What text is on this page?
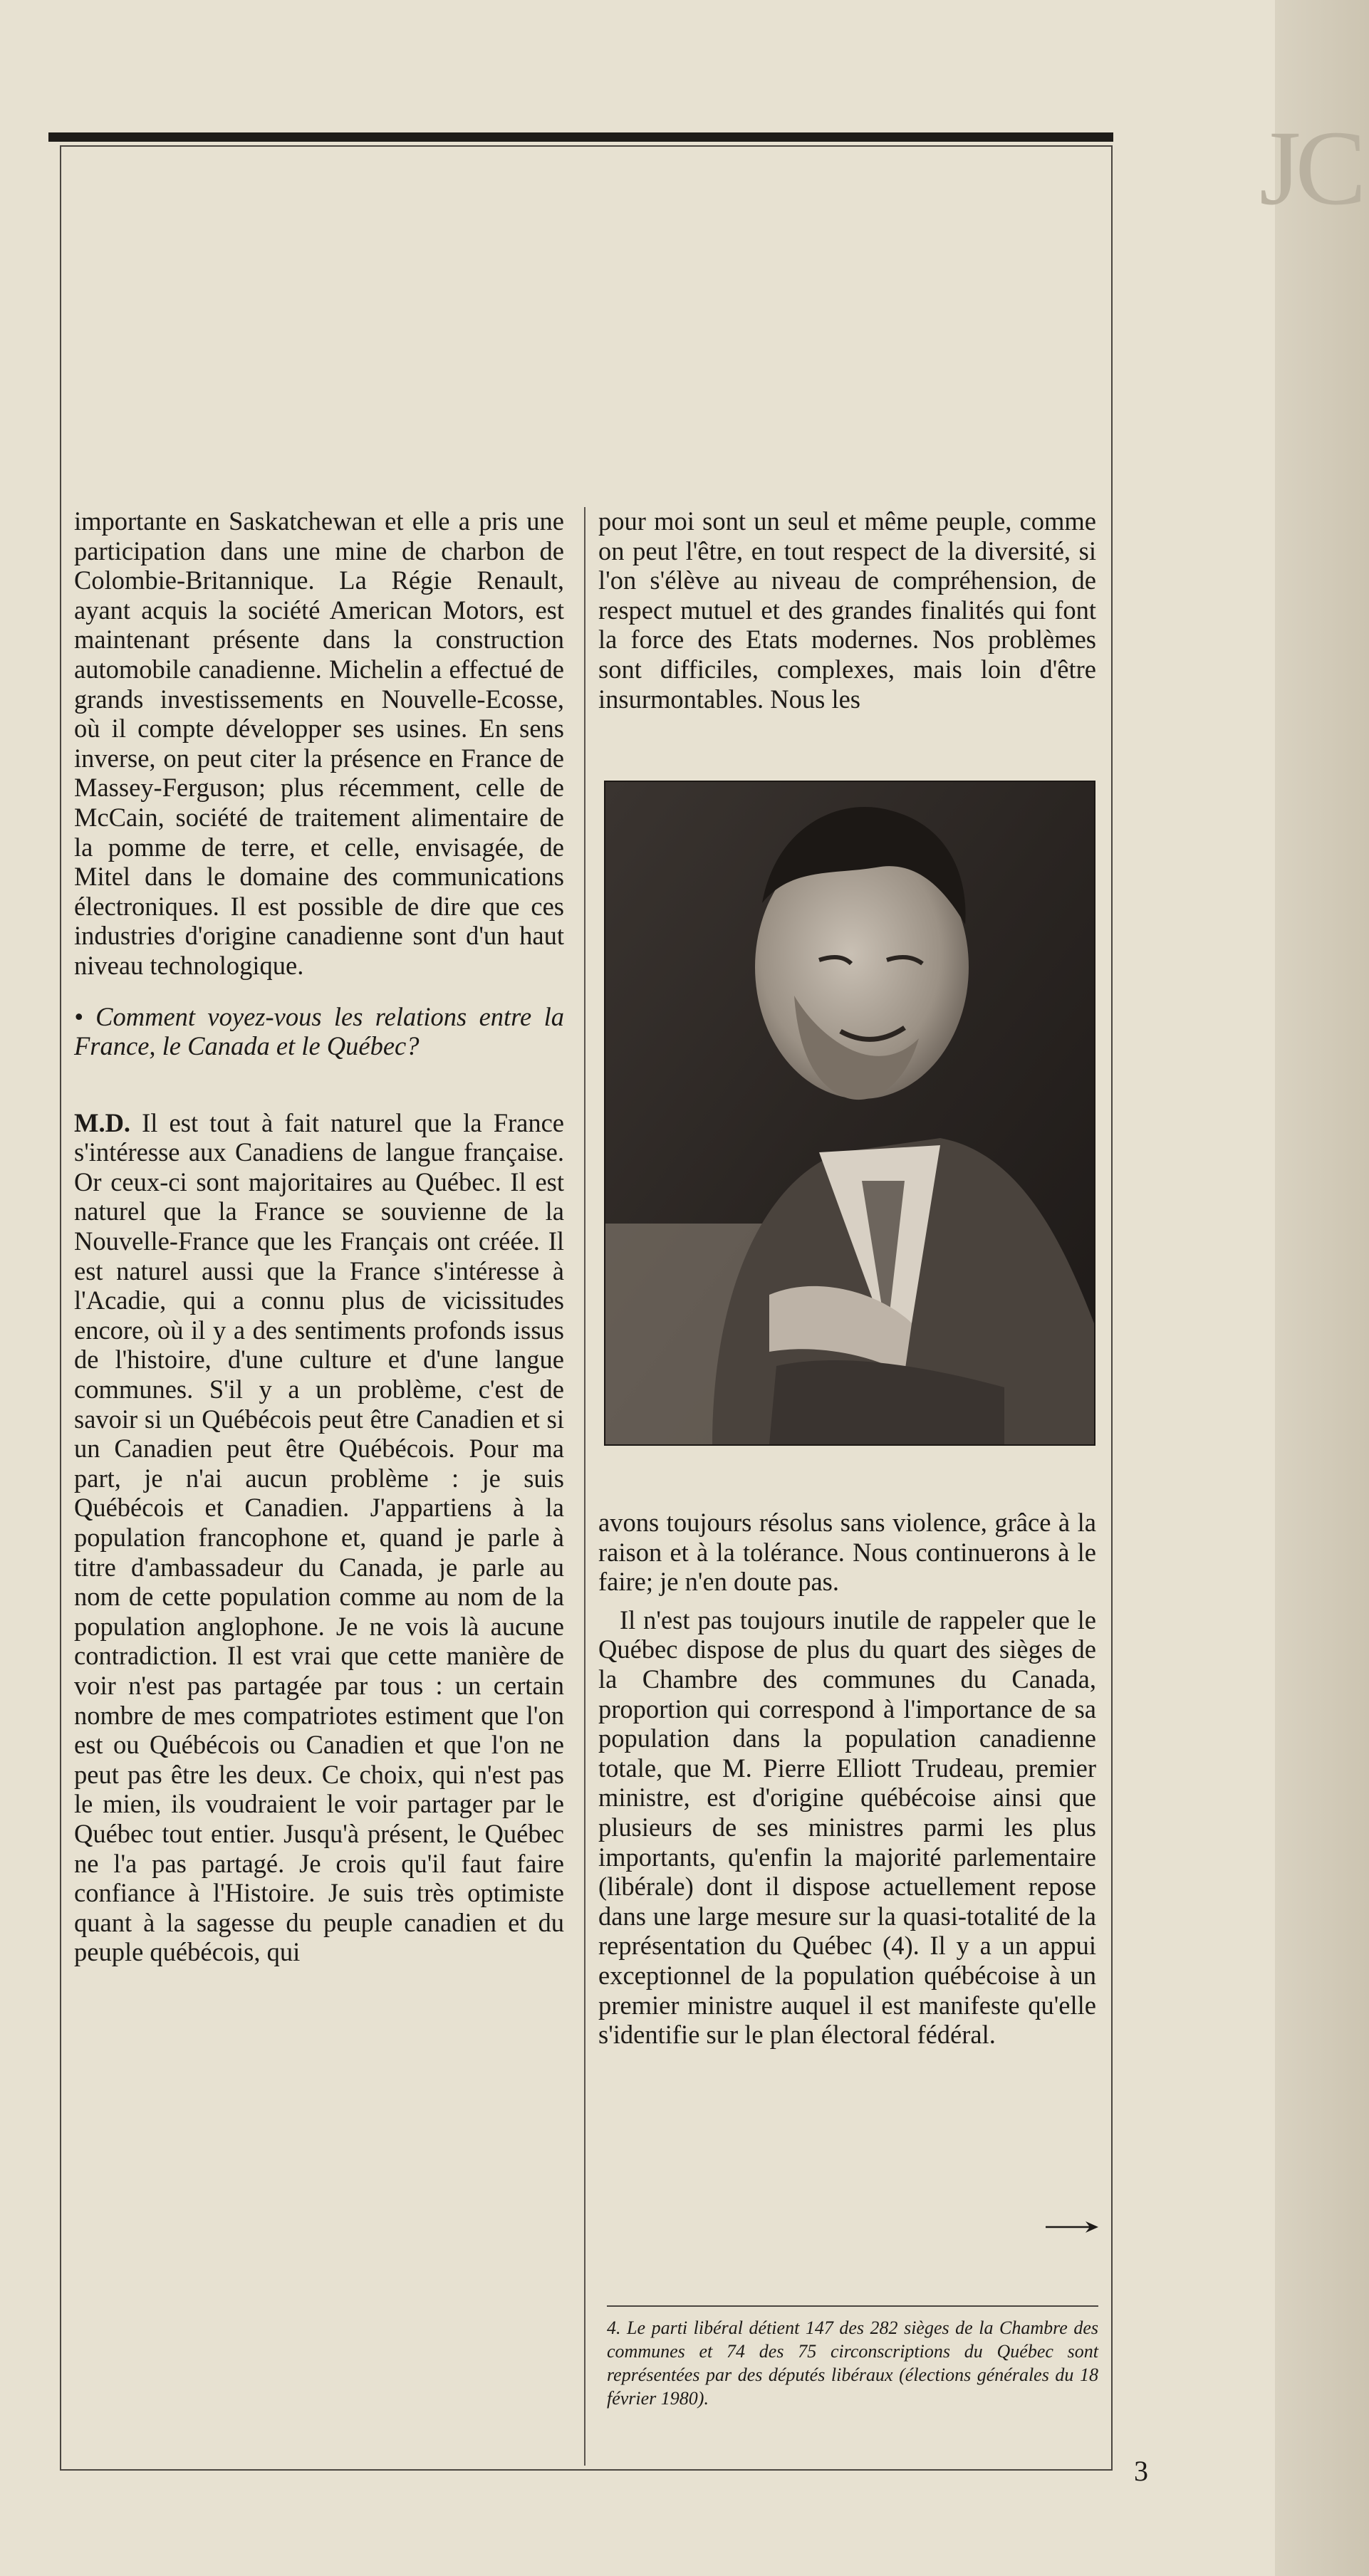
JC

importante en Saskatchewan et elle a pris une participation dans une mine de charbon de Colombie-Britannique. La Régie Renault, ayant acquis la société American Motors, est maintenant présente dans la construction automobile canadienne. Michelin a effectué de grands investissements en Nouvelle-Ecosse, où il compte développer ses usines. En sens inverse, on peut citer la présence en France de Massey-Ferguson; plus récemment, celle de McCain, société de traitement alimentaire de la pomme de terre, et celle, envisagée, de Mitel dans le domaine des communications électroniques. Il est possible de dire que ces industries d'origine canadienne sont d'un haut niveau technologique.

• Comment voyez-vous les relations entre la France, le Canada et le Québec?

M.D. Il est tout à fait naturel que la France s'intéresse aux Canadiens de langue française. Or ceux-ci sont majoritaires au Québec. Il est naturel que la France se souvienne de la Nouvelle-France que les Français ont créée. Il est naturel aussi que la France s'intéresse à l'Acadie, qui a connu plus de vicissitudes encore, où il y a des sentiments profonds issus de l'histoire, d'une culture et d'une langue communes. S'il y a un problème, c'est de savoir si un Québécois peut être Canadien et si un Canadien peut être Québécois. Pour ma part, je n'ai aucun problème : je suis Québécois et Canadien. J'appartiens à la population francophone et, quand je parle à titre d'ambassadeur du Canada, je parle au nom de cette population comme au nom de la population anglophone. Je ne vois là aucune contradiction. Il est vrai que cette manière de voir n'est pas partagée par tous : un certain nombre de mes compatriotes estiment que l'on est ou Québécois ou Canadien et que l'on ne peut pas être les deux. Ce choix, qui n'est pas le mien, ils voudraient le voir partager par le Québec tout entier. Jusqu'à présent, le Québec ne l'a pas partagé. Je crois qu'il faut faire confiance à l'Histoire. Je suis très optimiste quant à la sagesse du peuple canadien et du peuple québécois, qui

pour moi sont un seul et même peuple, comme on peut l'être, en tout respect de la diversité, si l'on s'élève au niveau de compréhension, de respect mutuel et des grandes finalités qui font la force des Etats modernes. Nos problèmes sont difficiles, complexes, mais loin d'être insurmontables. Nous les

avons toujours résolus sans violence, grâce à la raison et à la tolérance. Nous continuerons à le faire; je n'en doute pas.

Il n'est pas toujours inutile de rappeler que le Québec dispose de plus du quart des sièges de la Chambre des communes du Canada, proportion qui correspond à l'importance de sa population dans la population canadienne totale, que M. Pierre Elliott Trudeau, premier ministre, est d'origine québécoise ainsi que plusieurs de ses ministres parmi les plus importants, qu'enfin la majorité parlementaire (libérale) dont il dispose actuellement repose dans une large mesure sur la quasi-totalité de la représentation du Québec (4). Il y a un appui exceptionnel de la population québécoise à un premier ministre auquel il est manifeste qu'elle s'identifie sur le plan électoral fédéral.

4. Le parti libéral détient 147 des 282 sièges de la Chambre des communes et 74 des 75 circonscriptions du Québec sont représentées par des députés libéraux (élections générales du 18 février 1980).
3
